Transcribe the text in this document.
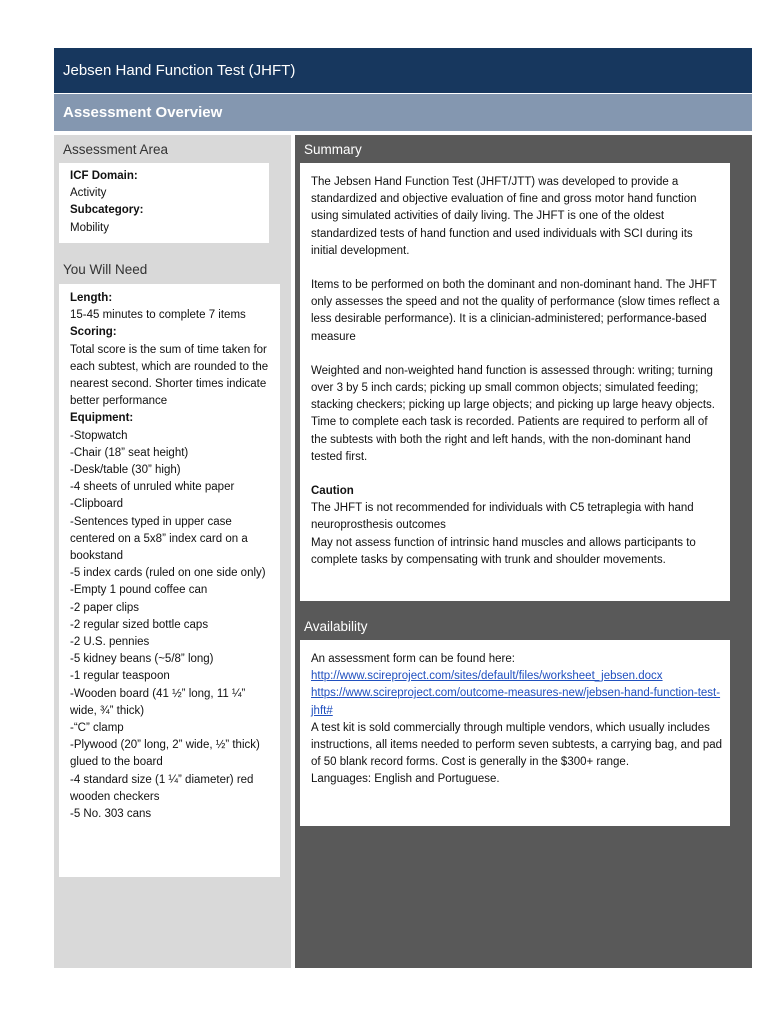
Jebsen Hand Function Test (JHFT)
Assessment Overview
Assessment Area

ICF Domain:

Activity

Subcategory:

Mobility

You Will Need

Length:

15-45 minutes to complete 7 items

Scoring:

Total score is the sum of time taken for each subtest, which are rounded to the nearest second. Shorter times indicate better performance

Equipment:

-Stopwatch

-Chair (18” seat height)

-Desk/table (30” high)

-4 sheets of unruled white paper

-Clipboard

-Sentences typed in upper case centered on a 5x8” index card on a bookstand

-5 index cards (ruled on one side only)

-Empty 1 pound coffee can

-2 paper clips

-2 regular sized bottle caps

-2 U.S. pennies

-5 kidney beans (~5/8” long)

-1 regular teaspoon

-Wooden board (41 ½” long, 11 ¼” wide, ¾” thick)

-“C” clamp

-Plywood (20” long, 2” wide, ½” thick) glued to the board

-4 standard size (1 ¼” diameter) red wooden checkers

-5 No. 303 cans

Summary

The Jebsen Hand Function Test (JHFT/JTT) was developed to provide a standardized and objective evaluation of fine and gross motor hand function using simulated activities of daily living. The JHFT is one of the oldest standardized tests of hand function and used individuals with SCI during its initial development.

Items to be performed on both the dominant and non-dominant hand. The JHFT only assesses the speed and not the quality of performance (slow times reflect a less desirable performance). It is a clinician-administered; performance-based measure

Weighted and non-weighted hand function is assessed through: writing; turning over 3 by 5 inch cards; picking up small common objects; simulated feeding; stacking checkers; picking up large objects; and picking up large heavy objects. Time to complete each task is recorded. Patients are required to perform all of the subtests with both the right and left hands, with the non-dominant hand tested first.

Caution

The JHFT is not recommended for individuals with C5 tetraplegia with hand neuroprosthesis outcomes

May not assess function of intrinsic hand muscles and allows participants to complete tasks by compensating with trunk and shoulder movements.

Availability

An assessment form can be found here:

http://www.scireproject.com/sites/default/files/worksheet_jebsen.docx

https://www.scireproject.com/outcome-measures-new/jebsen-hand-function-test-jhft#

A test kit is sold commercially through multiple vendors, which usually includes instructions, all items needed to perform seven subtests, a carrying bag, and pad of 50 blank record forms. Cost is generally in the $300+ range.

Languages: English and Portuguese.
